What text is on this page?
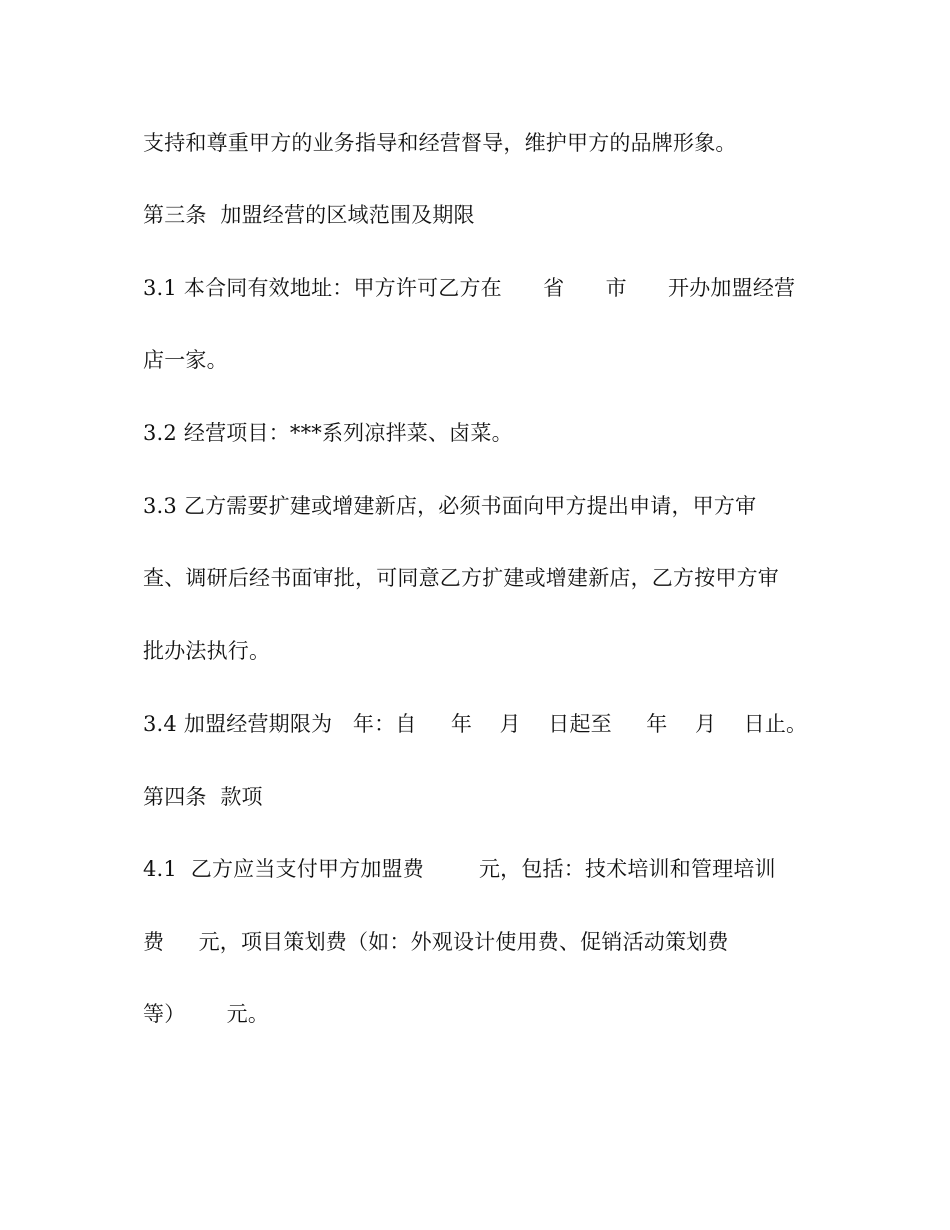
支持和尊重甲方的业务指导和经营督导，维护甲方的品牌形象。
第三条  加盟经营的区域范围及期限
3.1 本合同有效地址：甲方许可乙方在      省      市      开办加盟经营
店一家。
3.2 经营项目：***系列凉拌菜、卤菜。
3.3 乙方需要扩建或增建新店，必须书面向甲方提出申请，甲方审
查、调研后经书面审批，可同意乙方扩建或增建新店，乙方按甲方审
批办法执行。
3.4 加盟经营期限为   年：自     年    月    日起至     年    月    日止。
第四条  款项
4.1  乙方应当支付甲方加盟费        元，包括：技术培训和管理培训
费     元，项目策划费（如：外观设计使用费、促销活动策划费
等）      元。
